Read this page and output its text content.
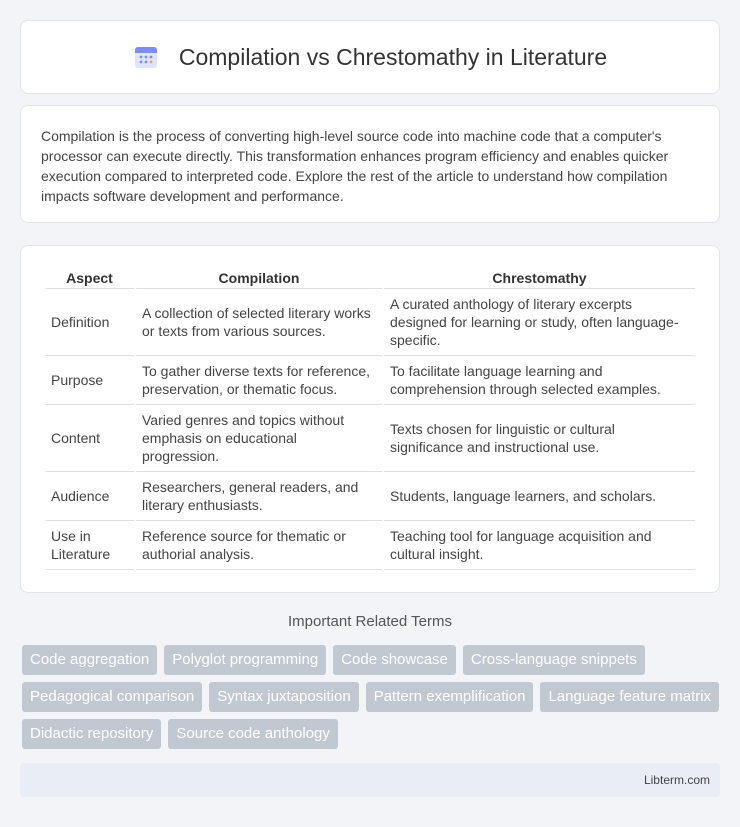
Compilation vs Chrestomathy in Literature

Compilation is the process of converting high-level source code into machine code that a computer's processor can execute directly. This transformation enhances program efficiency and enables quicker execution compared to interpreted code. Explore the rest of the article to understand how compilation impacts software development and performance.

Aspect	Compilation	Chrestomathy
Definition	A collection of selected literary works or texts from various sources.	A curated anthology of literary excerpts designed for learning or study, often language-specific.
Purpose	To gather diverse texts for reference, preservation, or thematic focus.	To facilitate language learning and comprehension through selected examples.
Content	Varied genres and topics without emphasis on educational progression.	Texts chosen for linguistic or cultural significance and instructional use.
Audience	Researchers, general readers, and literary enthusiasts.	Students, language learners, and scholars.
Use in Literature	Reference source for thematic or authorial analysis.	Teaching tool for language acquisition and cultural insight.
Important Related Terms
Code aggregation	Polyglot programming	Code showcase	Cross-language snippets
Pedagogical comparison	Syntax juxtaposition	Pattern exemplification	Language feature matrix
Didactic repository	Source code anthology
Libterm.com
